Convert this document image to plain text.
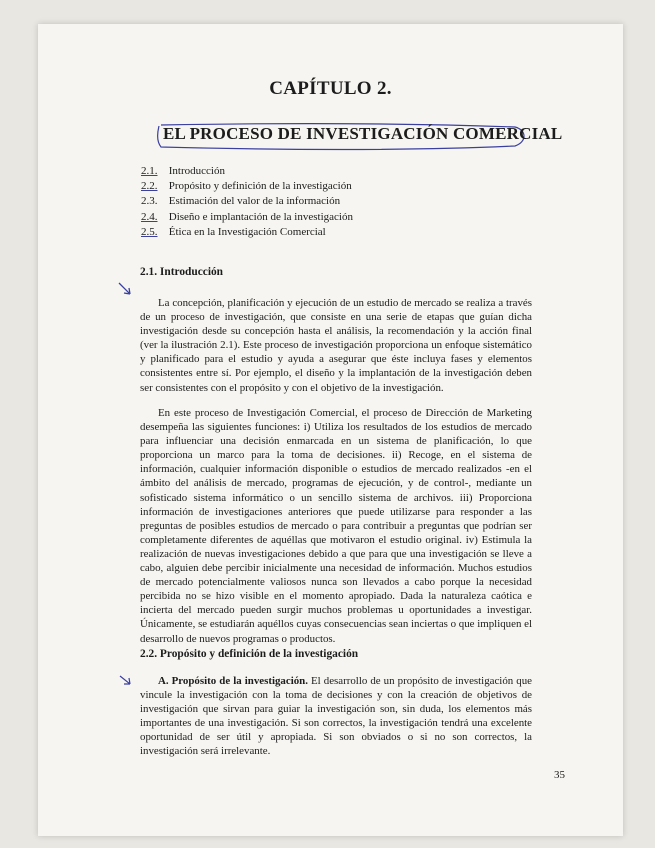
CAPÍTULO 2.
EL PROCESO DE INVESTIGACIÓN COMERCIAL
2.1. Introducción
2.2. Propósito y definición de la investigación
2.3. Estimación del valor de la información
2.4. Diseño e implantación de la investigación
2.5. Ética en la Investigación Comercial
2.1. Introducción

La concepción, planificación y ejecución de un estudio de mercado se realiza a través de un proceso de investigación, que consiste en una serie de etapas que guían dicha investigación desde su concepción hasta el análisis, la recomendación y la acción final (ver la ilustración 2.1). Este proceso de investigación proporciona un enfoque sistemático y planificado para el estudio y ayuda a asegurar que éste incluya fases y elementos consistentes entre sí. Por ejemplo, el diseño y la implantación de la investigación deben ser consistentes con el propósito y con el objetivo de la investigación.

En este proceso de Investigación Comercial, el proceso de Dirección de Marketing desempeña las siguientes funciones: i) Utiliza los resultados de los estudios de mercado para influenciar una decisión enmarcada en un sistema de planificación, lo que proporciona un marco para la toma de decisiones. ii) Recoge, en el sistema de información, cualquier información disponible o estudios de mercado realizados -en el ámbito del análisis de mercado, programas de ejecución, y de control-, mediante un sofisticado sistema informático o un sencillo sistema de archivos. iii) Proporciona información de investigaciones anteriores que puede utilizarse para responder a las preguntas de posibles estudios de mercado o para contribuir a preguntas que podrían ser completamente diferentes de aquéllas que motivaron el estudio original. iv) Estimula la realización de nuevas investigaciones debido a que para que una investigación se lleve a cabo, alguien debe percibir inicialmente una necesidad de información. Muchos estudios de mercado potencialmente valiosos nunca son llevados a cabo porque la necesidad percibida no se hizo visible en el momento apropiado. Dada la naturaleza caótica e incierta del mercado pueden surgir muchos problemas u oportunidades a investigar. Únicamente, se estudiarán aquéllos cuyas consecuencias sean inciertas o que impliquen el desarrollo de nuevos programas o productos.

2.2. Propósito y definición de la investigación

A. Propósito de la investigación. El desarrollo de un propósito de investigación que vincule la investigación con la toma de decisiones y con la creación de objetivos de investigación que sirvan para guiar la investigación son, sin duda, los elementos más importantes de una investigación. Si son correctos, la investigación tendrá una excelente oportunidad de ser útil y apropiada. Si son obviados o si no son correctos, la investigación será irrelevante.

35
